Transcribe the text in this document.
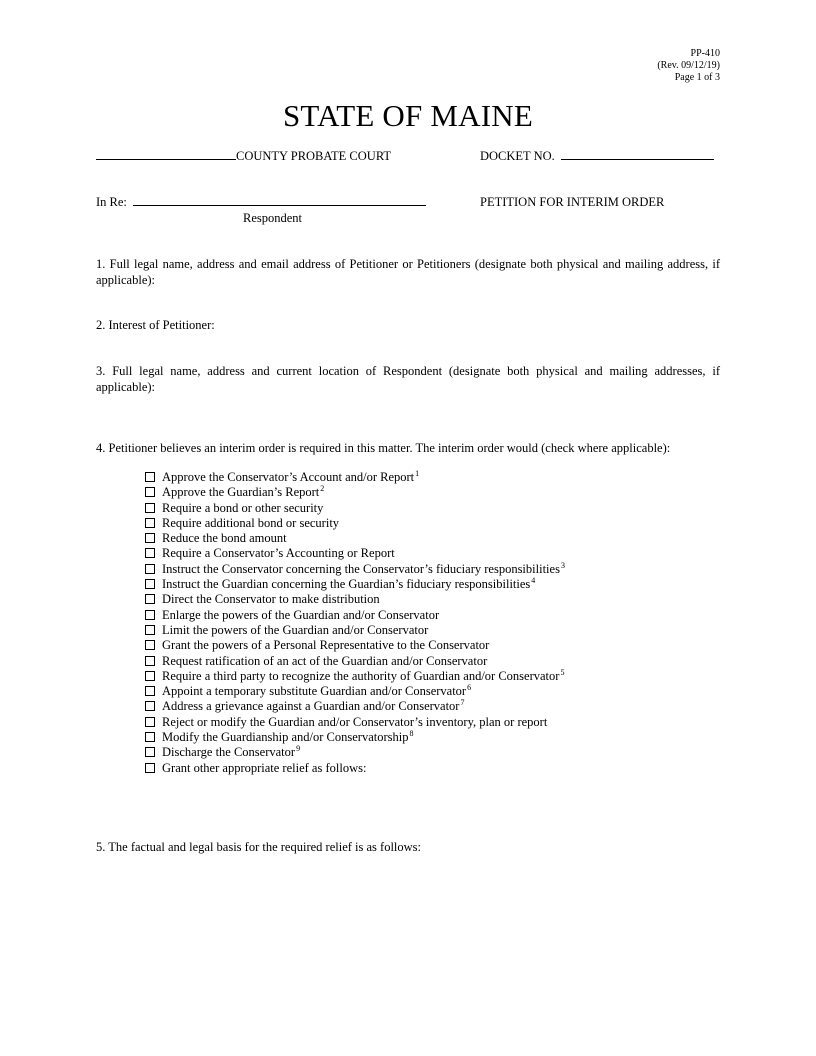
PP-410
(Rev. 09/12/19)
Page 1 of 3
STATE OF MAINE
COUNTY PROBATE COURT	DOCKET NO.
In Re:
Respondent
PETITION FOR INTERIM ORDER
1. Full legal name, address and email address of Petitioner or Petitioners (designate both physical and mailing address, if applicable):
2. Interest of Petitioner:
3. Full legal name, address and current location of Respondent (designate both physical and mailing addresses, if applicable):
4. Petitioner believes an interim order is required in this matter. The interim order would (check where applicable):
Approve the Conservator’s Account and/or Report$^1$
Approve the Guardian’s Report$^2$
Require a bond or other security
Require additional bond or security
Reduce the bond amount
Require a Conservator’s Accounting or Report
Instruct the Conservator concerning the Conservator’s fiduciary responsibilities$^3$
Instruct the Guardian concerning the Guardian’s fiduciary responsibilities$^4$
Direct the Conservator to make distribution
Enlarge the powers of the Guardian and/or Conservator
Limit the powers of the Guardian and/or Conservator
Grant the powers of a Personal Representative to the Conservator
Request ratification of an act of the Guardian and/or Conservator
Require a third party to recognize the authority of Guardian and/or Conservator$^5$
Appoint a temporary substitute Guardian and/or Conservator$^6$
Address a grievance against a Guardian and/or Conservator$^7$
Reject or modify the Guardian and/or Conservator’s inventory, plan or report
Modify the Guardianship and/or Conservatorship$^8$
Discharge the Conservator$^9$
Grant other appropriate relief as follows:
5. The factual and legal basis for the required relief is as follows:
